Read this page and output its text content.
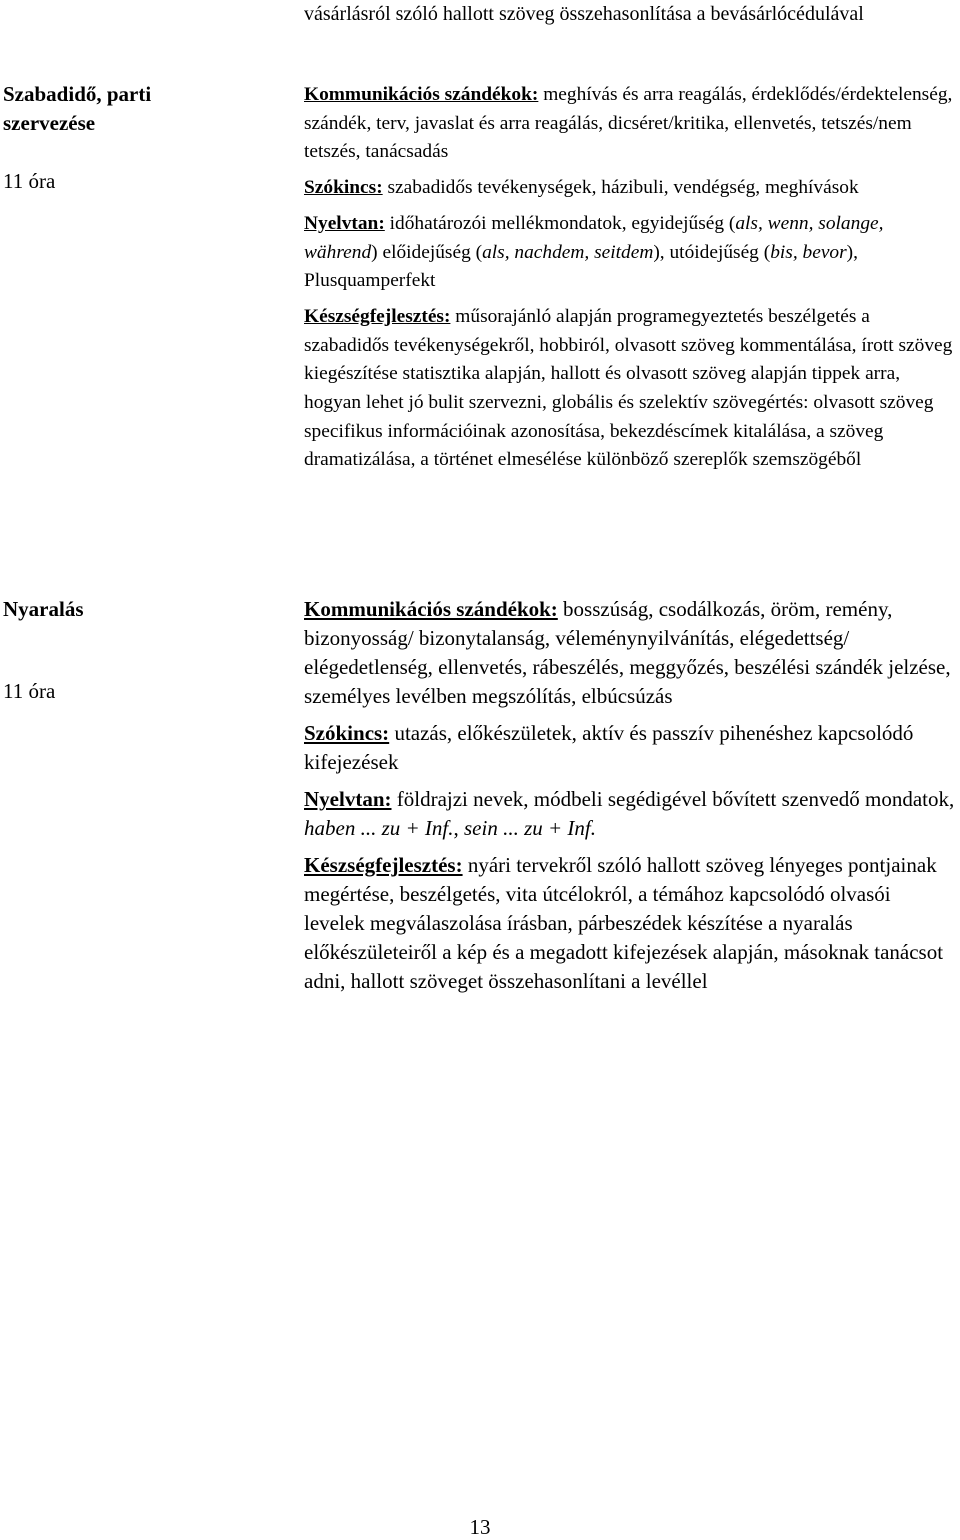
vásárlásról szóló hallott szöveg összehasonlítása a bevásárlócédulával

Szabadidő, parti szervezése

11 óra

Kommunikációs szándékok: meghívás és arra reagálás, érdeklődés/érdektelenség, szándék, terv, javaslat és arra reagálás, dicséret/kritika, ellenvetés, tetszés/nem tetszés, tanácsadás

Szókincs: szabadidős tevékenységek, házibuli, vendégség, meghívások

Nyelvtan: időhatározói mellékmondatok, egyidejűség (als, wenn, solange, während) előidejűség (als, nachdem, seitdem), utóidejűség (bis, bevor), Plusquamperfekt

Készségfejlesztés: műsorajánló alapján programegyeztetés beszélgetés a szabadidős tevékenységekről, hobbiról, olvasott szöveg kommentálása, írott szöveg kiegészítése statisztika alapján, hallott és olvasott szöveg alapján tippek arra, hogyan lehet jó bulit szervezni, globális és szelektív szövegértés: olvasott szöveg specifikus információinak azonosítása, bekezdéscímek kitalálása, a szöveg dramatizálása, a történet elmesélése különböző szereplők szemszögéből

Nyaralás

11 óra

Kommunikációs szándékok: bosszúság, csodálkozás, öröm, remény, bizonyosság/ bizonytalanság, véleménynyilvánítás, elégedettség/ elégedetlenség, ellenvetés, rábeszélés, meggyőzés, beszélési szándék jelzése, személyes levélben megszólítás, elbúcsúzás

Szókincs: utazás, előkészületek, aktív és passzív pihenéshez kapcsolódó kifejezések

Nyelvtan: földrajzi nevek, módbeli segédigével bővített szenvedő mondatok, haben ... zu + Inf., sein ... zu + Inf.

Készségfejlesztés: nyári tervekről szóló hallott szöveg lényeges pontjainak megértése, beszélgetés, vita útcélokról, a témához kapcsolódó olvasói levelek megválaszolása írásban, párbeszédek készítése a nyaralás előkészületeiről a kép és a megadott kifejezések alapján, másoknak tanácsot adni, hallott szöveget összehasonlítani a levéllel

13
